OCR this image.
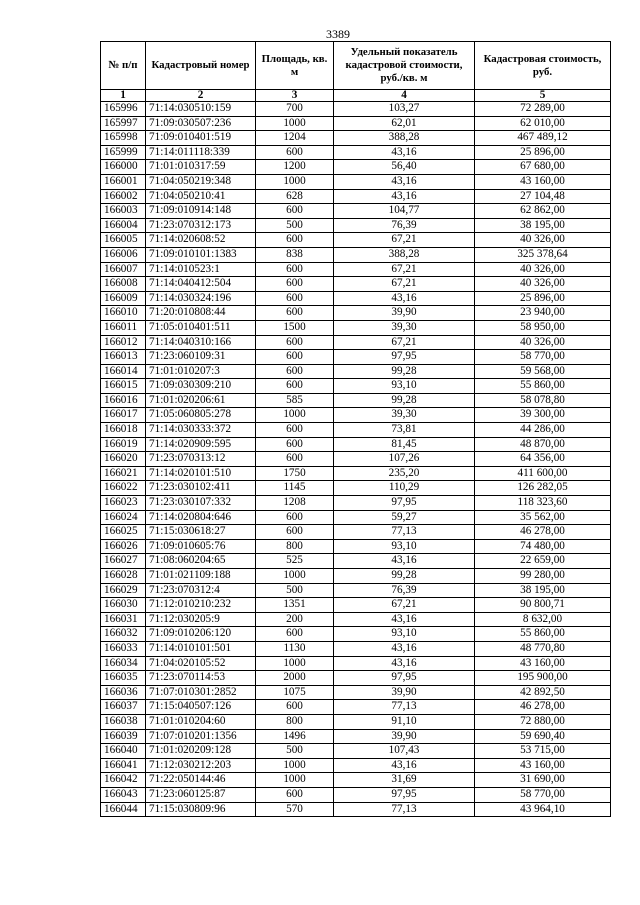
3389
№ п/п	Кадастровый номер	Площадь, кв. м	Удельный показатель кадастровой стоимости, руб./кв. м	Кадастровая стоимость, руб.
1	2	3	4	5
165996	71:14:030510:159	700	103,27	72 289,00
165997	71:09:030507:236	1000	62,01	62 010,00
165998	71:09:010401:519	1204	388,28	467 489,12
165999	71:14:011118:339	600	43,16	25 896,00
166000	71:01:010317:59	1200	56,40	67 680,00
166001	71:04:050219:348	1000	43,16	43 160,00
166002	71:04:050210:41	628	43,16	27 104,48
166003	71:09:010914:148	600	104,77	62 862,00
166004	71:23:070312:173	500	76,39	38 195,00
166005	71:14:020608:52	600	67,21	40 326,00
166006	71:09:010101:1383	838	388,28	325 378,64
166007	71:14:010523:1	600	67,21	40 326,00
166008	71:14:040412:504	600	67,21	40 326,00
166009	71:14:030324:196	600	43,16	25 896,00
166010	71:20:010808:44	600	39,90	23 940,00
166011	71:05:010401:511	1500	39,30	58 950,00
166012	71:14:040310:166	600	67,21	40 326,00
166013	71:23:060109:31	600	97,95	58 770,00
166014	71:01:010207:3	600	99,28	59 568,00
166015	71:09:030309:210	600	93,10	55 860,00
166016	71:01:020206:61	585	99,28	58 078,80
166017	71:05:060805:278	1000	39,30	39 300,00
166018	71:14:030333:372	600	73,81	44 286,00
166019	71:14:020909:595	600	81,45	48 870,00
166020	71:23:070313:12	600	107,26	64 356,00
166021	71:14:020101:510	1750	235,20	411 600,00
166022	71:23:030102:411	1145	110,29	126 282,05
166023	71:23:030107:332	1208	97,95	118 323,60
166024	71:14:020804:646	600	59,27	35 562,00
166025	71:15:030618:27	600	77,13	46 278,00
166026	71:09:010605:76	800	93,10	74 480,00
166027	71:08:060204:65	525	43,16	22 659,00
166028	71:01:021109:188	1000	99,28	99 280,00
166029	71:23:070312:4	500	76,39	38 195,00
166030	71:12:010210:232	1351	67,21	90 800,71
166031	71:12:030205:9	200	43,16	8 632,00
166032	71:09:010206:120	600	93,10	55 860,00
166033	71:14:010101:501	1130	43,16	48 770,80
166034	71:04:020105:52	1000	43,16	43 160,00
166035	71:23:070114:53	2000	97,95	195 900,00
166036	71:07:010301:2852	1075	39,90	42 892,50
166037	71:15:040507:126	600	77,13	46 278,00
166038	71:01:010204:60	800	91,10	72 880,00
166039	71:07:010201:1356	1496	39,90	59 690,40
166040	71:01:020209:128	500	107,43	53 715,00
166041	71:12:030212:203	1000	43,16	43 160,00
166042	71:22:050144:46	1000	31,69	31 690,00
166043	71:23:060125:87	600	97,95	58 770,00
166044	71:15:030809:96	570	77,13	43 964,10
